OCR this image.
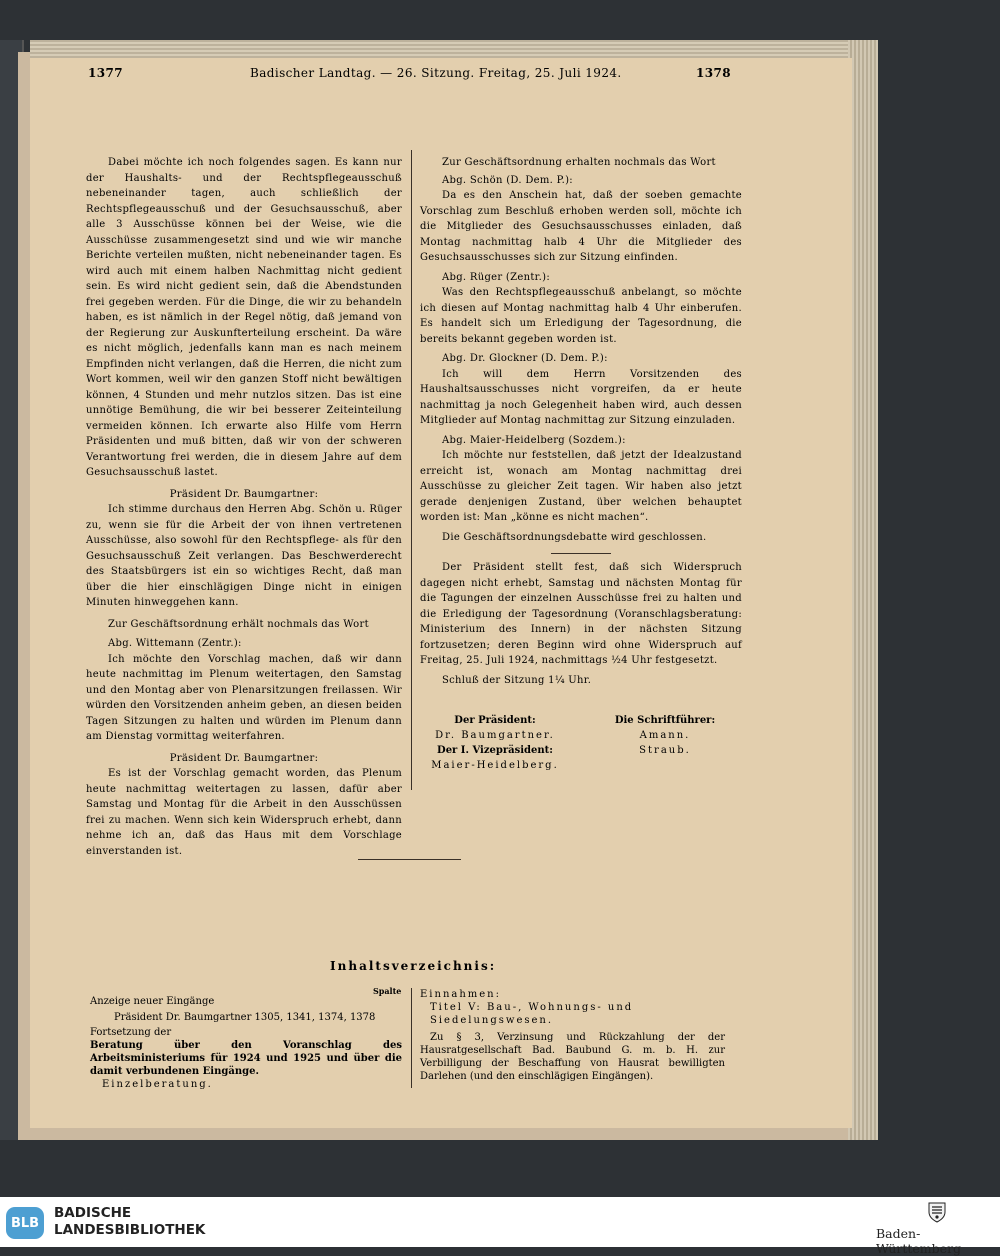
1377	Badischer Landtag. — 26. Sitzung. Freitag, 25. Juli 1924.	1378

Dabei möchte ich noch folgendes sagen. Es kann nur der Haushalts- und der Rechtspflegeausschuß nebeneinander tagen, auch schließlich der Rechtspflegeausschuß und der Gesuchsausschuß, aber alle 3 Ausschüsse können bei der Weise, wie die Ausschüsse zusammengesetzt sind und wie wir manche Berichte verteilen mußten, nicht nebeneinander tagen. Es wird auch mit einem halben Nachmittag nicht gedient sein. Es wird nicht gedient sein, daß die Abendstunden frei gegeben werden. Für die Dinge, die wir zu behandeln haben, es ist nämlich in der Regel nötig, daß jemand von der Regierung zur Auskunfterteilung erscheint. Da wäre es nicht möglich, jedenfalls kann man es nach meinem Empfinden nicht verlangen, daß die Herren, die nicht zum Wort kommen, weil wir den ganzen Stoff nicht bewältigen können, 4 Stunden und mehr nutzlos sitzen. Das ist eine unnötige Bemühung, die wir bei besserer Zeiteinteilung vermeiden können. Ich erwarte also Hilfe vom Herrn Präsidenten und muß bitten, daß wir von der schweren Verantwortung frei werden, die in diesem Jahre auf dem Gesuchsausschuß lastet.

Präsident Dr. Baumgartner:

Ich stimme durchaus den Herren Abg. Schön u. Rüger zu, wenn sie für die Arbeit der von ihnen vertretenen Ausschüsse, also sowohl für den Rechtspflege- als für den Gesuchsausschuß Zeit verlangen. Das Beschwerderecht des Staatsbürgers ist ein so wichtiges Recht, daß man über die hier einschlägigen Dinge nicht in einigen Minuten hinweggehen kann.

Zur Geschäftsordnung erhält nochmals das Wort

Abg. Wittemann (Zentr.):

Ich möchte den Vorschlag machen, daß wir dann heute nachmittag im Plenum weitertagen, den Samstag und den Montag aber von Plenarsitzungen freilassen. Wir würden den Vorsitzenden anheim geben, an diesen beiden Tagen Sitzungen zu halten und würden im Plenum dann am Dienstag vormittag weiterfahren.

Präsident Dr. Baumgartner:

Es ist der Vorschlag gemacht worden, das Plenum heute nachmittag weitertagen zu lassen, dafür aber Samstag und Montag für die Arbeit in den Ausschüssen frei zu machen. Wenn sich kein Widerspruch erhebt, dann nehme ich an, daß das Haus mit dem Vorschlage einverstanden ist.

Zur Geschäftsordnung erhalten nochmals das Wort

Abg. Schön (D. Dem. P.):

Da es den Anschein hat, daß der soeben gemachte Vorschlag zum Beschluß erhoben werden soll, möchte ich die Mitglieder des Gesuchsausschusses einladen, daß Montag nachmittag halb 4 Uhr die Mitglieder des Gesuchsausschusses sich zur Sitzung einfinden.

Abg. Rüger (Zentr.):

Was den Rechtspflegeausschuß anbelangt, so möchte ich diesen auf Montag nachmittag halb 4 Uhr einberufen. Es handelt sich um Erledigung der Tagesordnung, die bereits bekannt gegeben worden ist.

Abg. Dr. Glockner (D. Dem. P.):

Ich will dem Herrn Vorsitzenden des Haushaltsausschusses nicht vorgreifen, da er heute nachmittag ja noch Gelegenheit haben wird, auch dessen Mitglieder auf Montag nachmittag zur Sitzung einzuladen.

Abg. Maier-Heidelberg (Sozdem.):

Ich möchte nur feststellen, daß jetzt der Idealzustand erreicht ist, wonach am Montag nachmittag drei Ausschüsse zu gleicher Zeit tagen. Wir haben also jetzt gerade denjenigen Zustand, über welchen behauptet worden ist: Man „könne es nicht machen“.

Die Geschäftsordnungsdebatte wird geschlossen.

Der Präsident stellt fest, daß sich Widerspruch dagegen nicht erhebt, Samstag und nächsten Montag für die Tagungen der einzelnen Ausschüsse frei zu halten und die Erledigung der Tagesordnung (Voranschlagsberatung: Ministerium des Innern) in der nächsten Sitzung fortzusetzen; deren Beginn wird ohne Widerspruch auf Freitag, 25. Juli 1924, nachmittags ½4 Uhr festgesetzt.

Schluß der Sitzung 1¼ Uhr.

Der Präsident:
Dr. Baumgartner.
Der I. Vizepräsident:
Maier-Heidelberg.
Die Schriftführer:
Amann.
Straub.
Inhaltsverzeichnis:
Spalte

Anzeige neuer Eingänge

Präsident Dr. Baumgartner 1305, 1341, 1374, 1378

Fortsetzung der

Beratung über den Voranschlag des Arbeitsministeriums für 1924 und 1925 und über die damit verbundenen Eingänge.

Einzelberatung.

Einnahmen:

Titel V: Bau-, Wohnungs- und Siedelungswesen.

Zu § 3, Verzinsung und Rückzahlung der der Hausratgesellschaft Bad. Baubund G. m. b. H. zur Verbilligung der Beschaffung von Hausrat bewilligten Darlehen (und den einschlägigen Eingängen).

BLB
BADISCHE
LANDESBIBLIOTHEK	Baden-Württemberg
